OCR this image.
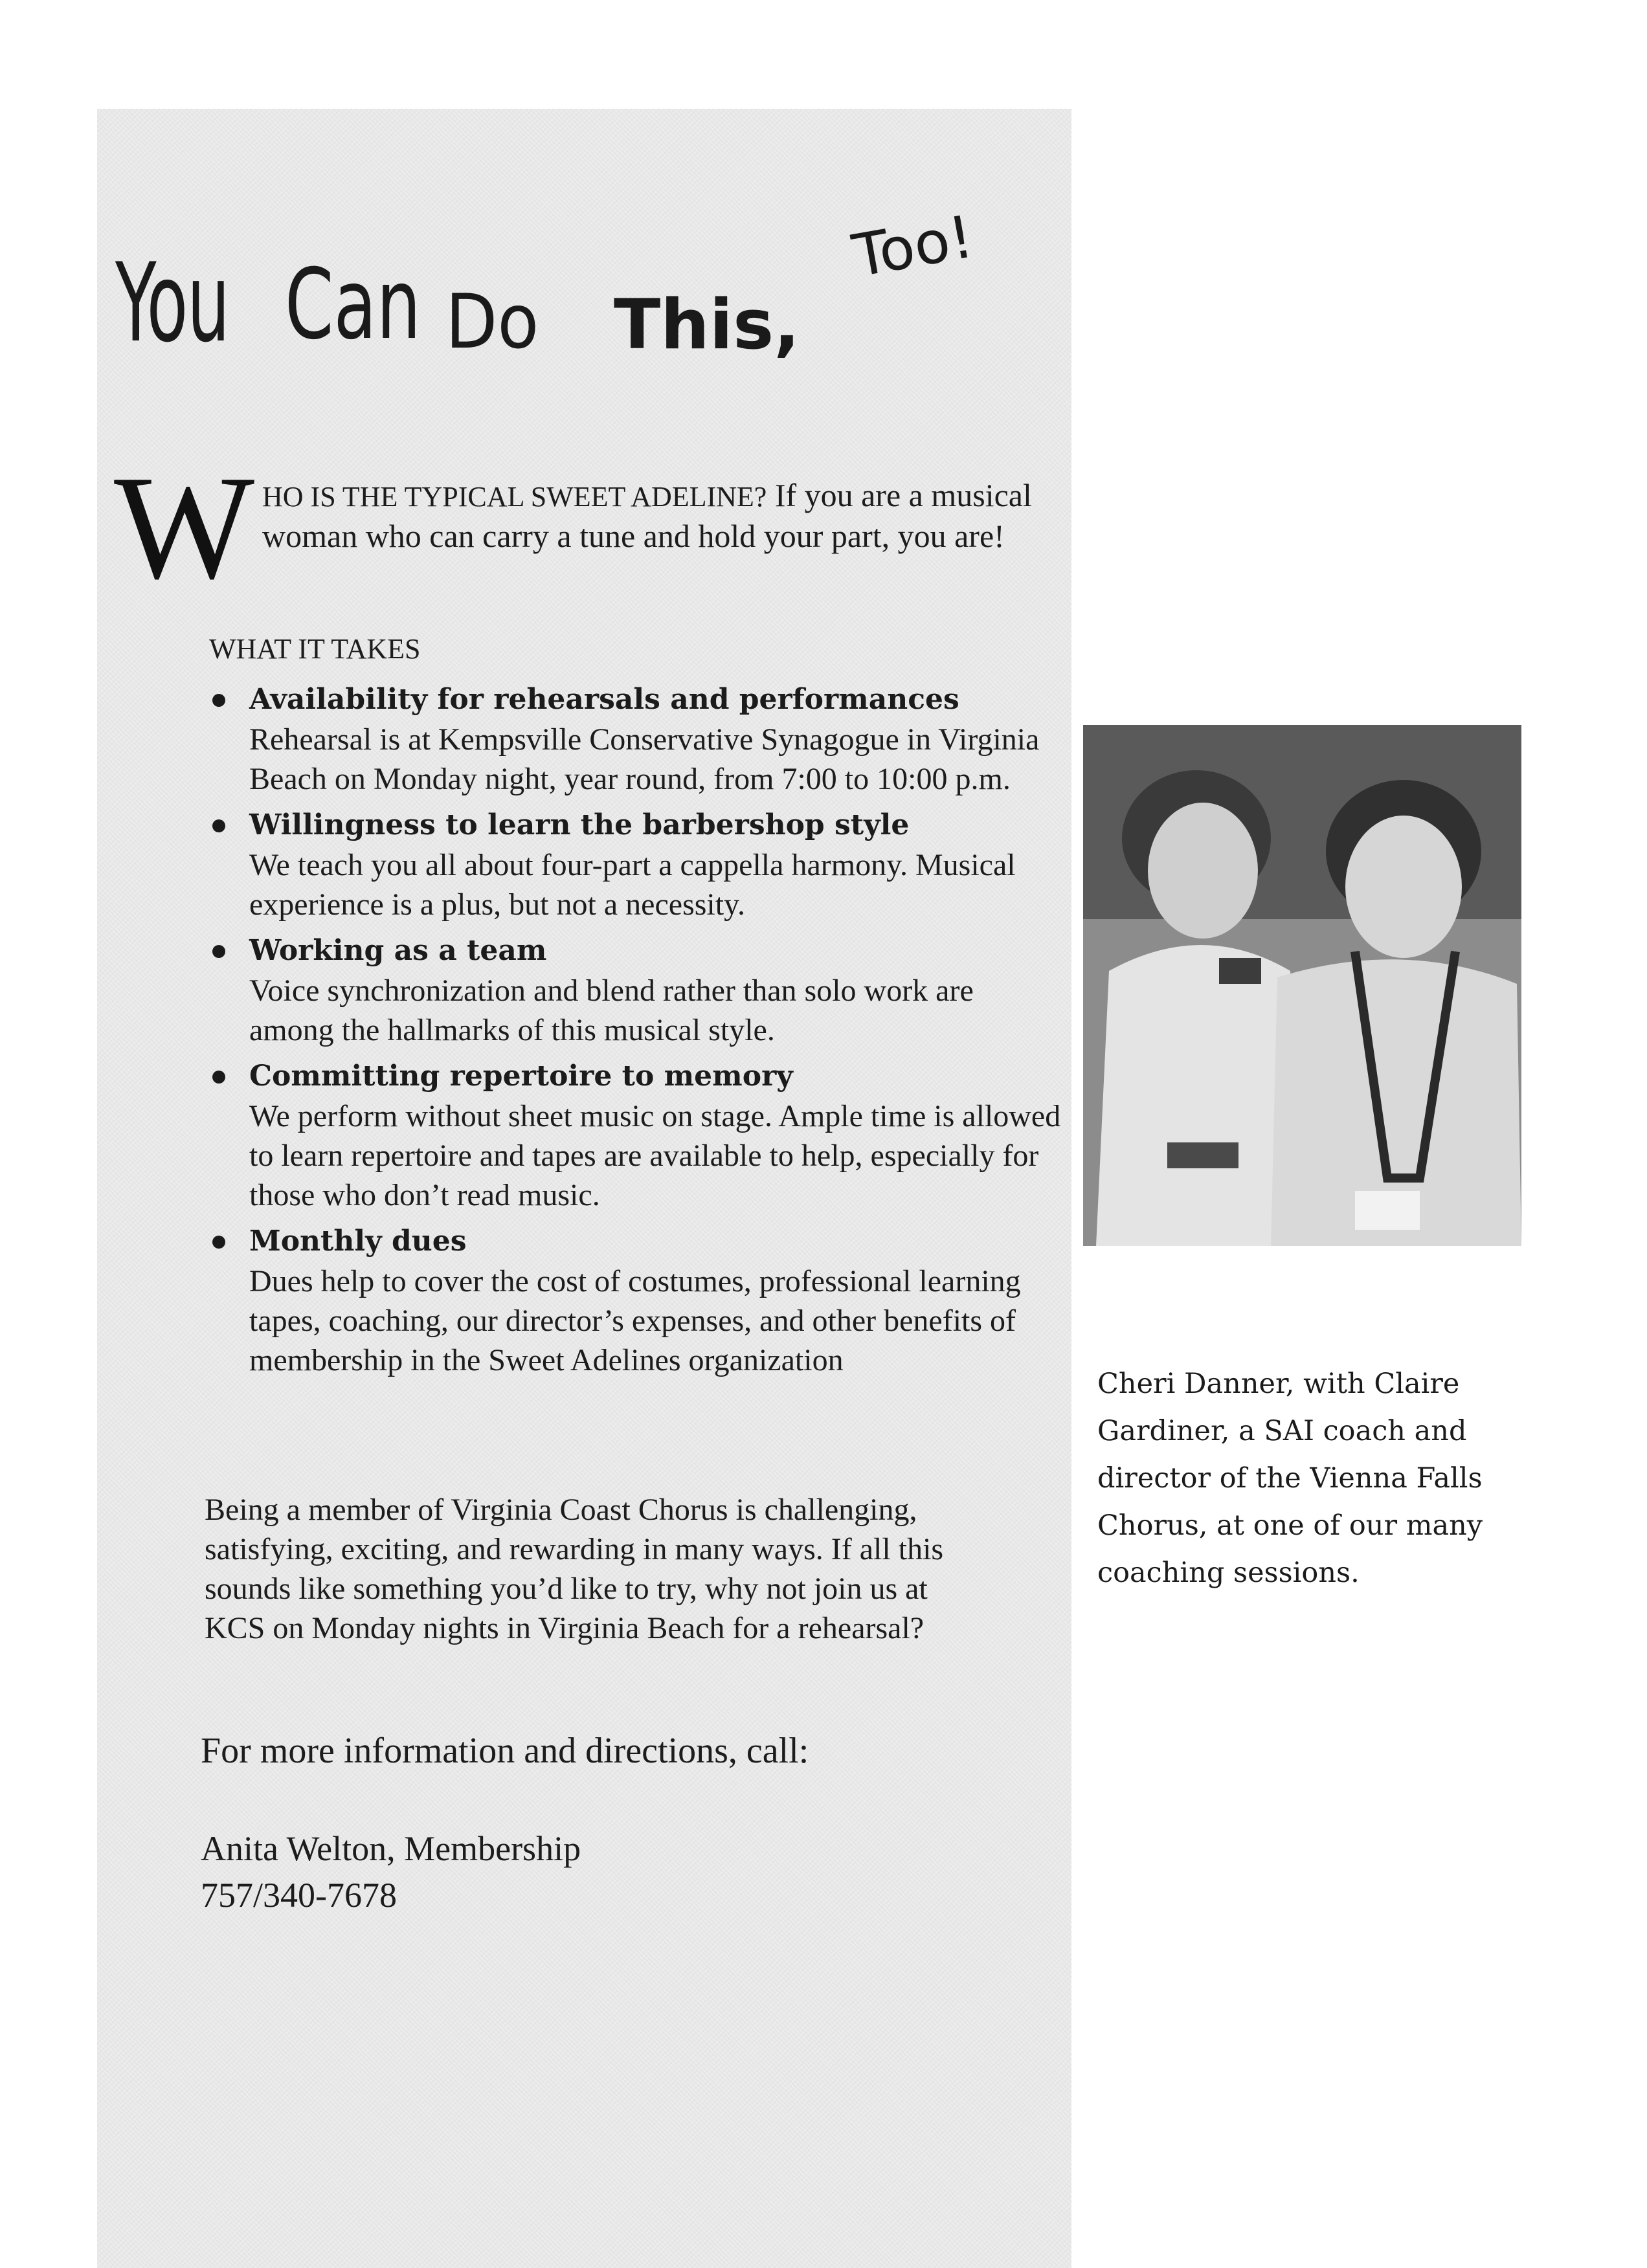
You Can Do This,
Too!
W HO IS THE TYPICAL SWEET ADELINE? If you are a musical woman who can carry a tune and hold your part, you are!
WHAT IT TAKES
Availability for rehearsals and performances
Rehearsal is at Kempsville Conservative Synagogue in Virginia Beach on Monday night, year round, from 7:00 to 10:00 p.m.
Willingness to learn the barbershop style
We teach you all about four-part a cappella harmony. Musical experience is a plus, but not a necessity.
Working as a team
Voice synchronization and blend rather than solo work are among the hallmarks of this musical style.
Committing repertoire to memory
We perform without sheet music on stage. Ample time is allowed to learn repertoire and tapes are available to help, especially for those who don’t read music.
Monthly dues
Dues help to cover the cost of costumes, professional learning tapes, coaching, our director’s expenses, and other benefits of membership in the Sweet Adelines organization
Being a member of Virginia Coast Chorus is challenging, satisfying, exciting, and rewarding in many ways. If all this sounds like something you’d like to try, why not join us at KCS on Monday nights in Virginia Beach for a rehearsal?
For more information and directions, call:
Anita Welton, Membership
757/340-7678
Cheri Danner, with Claire Gardiner, a SAI coach and director of the Vienna Falls Chorus, at one of our many coaching sessions.
